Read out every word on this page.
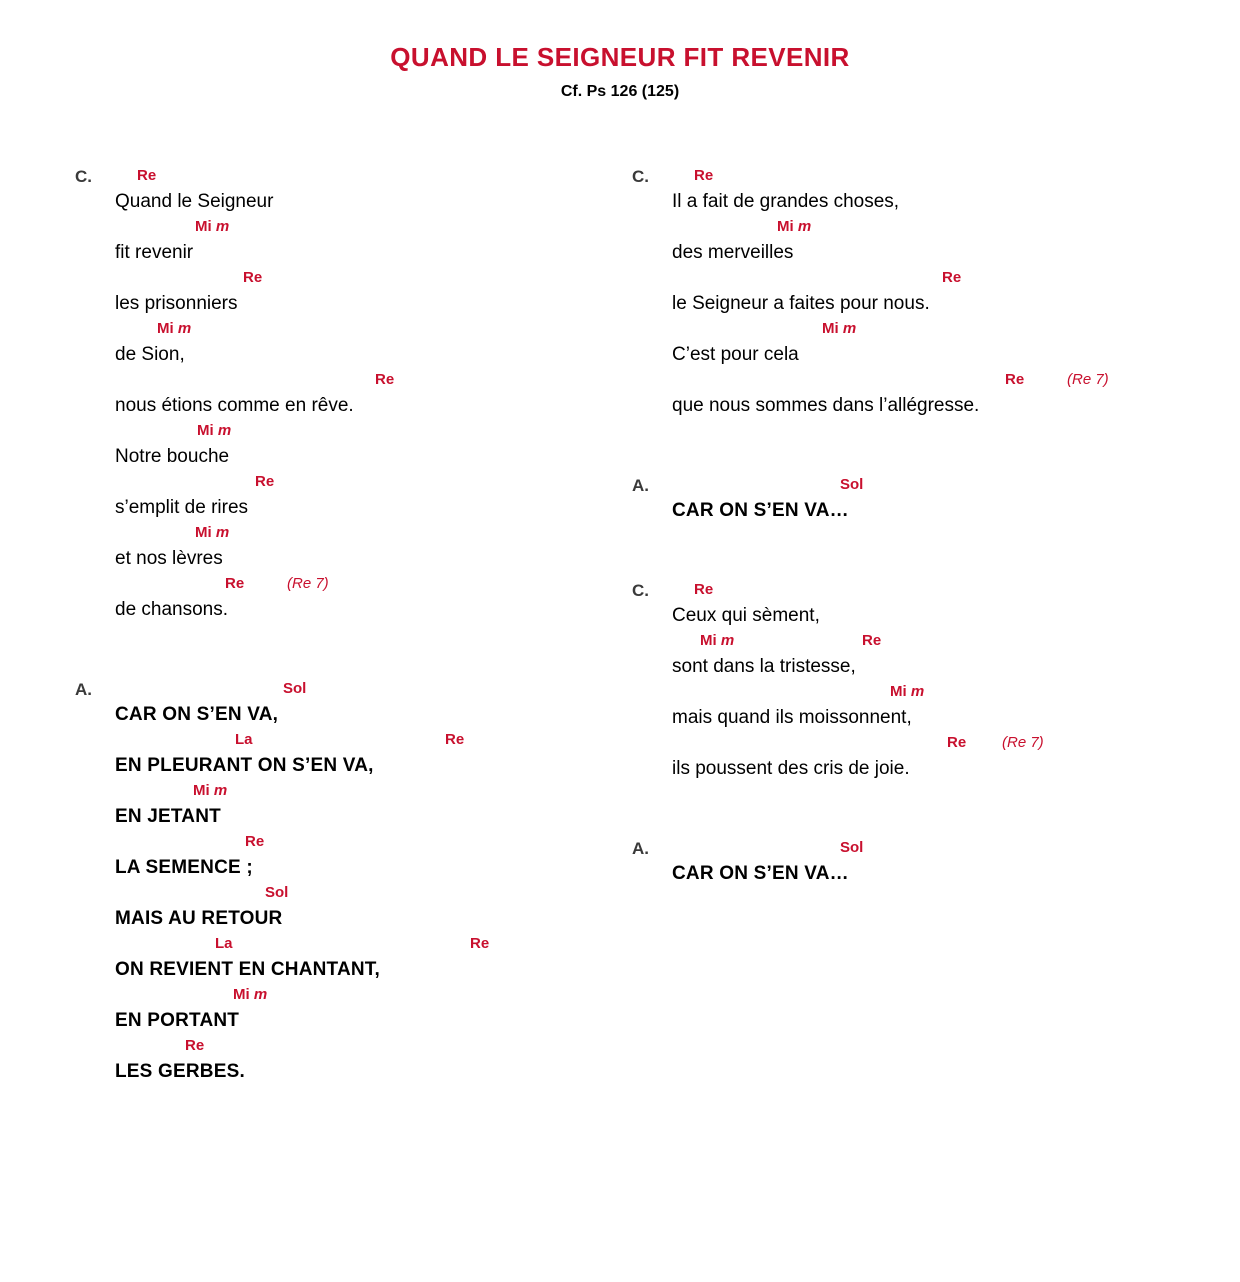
QUAND LE SEIGNEUR FIT REVENIR
Cf. Ps 126 (125)
C.	Re
Quand le Seigneur
Mi m
fit revenir
Re
les prisonniers
Mi m
de Sion,
Re
nous étions comme en rêve.
Mi m
Notre bouche
Re
s’emplit de rires
Mi m
et nos lèvres
Re	(Re 7)
de chansons.
A.	Sol
CAR ON S’EN VA,
La	Re
EN PLEURANT ON S’EN VA,
Mi m
EN JETANT
Re
LA SEMENCE ;
Sol
MAIS AU RETOUR
La	Re
ON REVIENT EN CHANTANT,
Mi m
EN PORTANT
Re
LES GERBES.
C.	Re
Il a fait de grandes choses,
Mi m
des merveilles
Re
le Seigneur a faites pour nous.
Mi m
C’est pour cela
Re	(Re 7)
que nous sommes dans l’allégresse.
A.	Sol
CAR ON S’EN VA…
C.	Re
Ceux qui sèment,
Mi m	Re
sont dans la tristesse,
Mi m
mais quand ils moissonnent,
Re (Re 7)
ils poussent des cris de joie.
A.	Sol
CAR ON S’EN VA…
